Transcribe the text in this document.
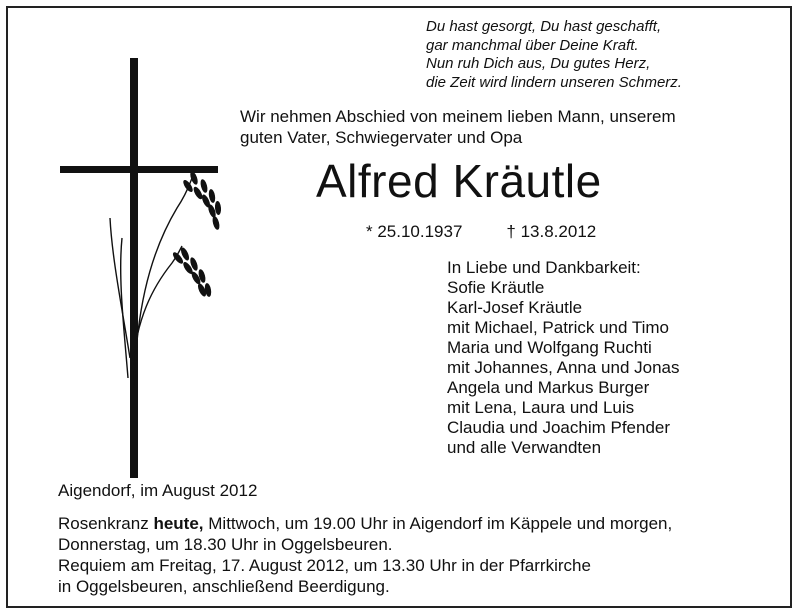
Du hast gesorgt, Du hast geschafft,
gar manchmal über Deine Kraft.
Nun ruh Dich aus, Du gutes Herz,
die Zeit wird lindern unseren Schmerz.
Wir nehmen Abschied von meinem lieben Mann, unserem
guten Vater, Schwiegervater und Opa
Alfred Kräutle
* 25.10.1937	† 13.8.2012
In Liebe und Dankbarkeit:
Sofie Kräutle
Karl-Josef Kräutle
mit Michael, Patrick und Timo
Maria und Wolfgang Ruchti
mit Johannes, Anna und Jonas
Angela und Markus Burger
mit Lena, Laura und Luis
Claudia und Joachim Pfender
und alle Verwandten
Aigendorf, im August 2012
Rosenkranz heute, Mittwoch, um 19.00 Uhr in Aigendorf im Käppele und morgen,
Donnerstag, um 18.30 Uhr in Oggelsbeuren.
Requiem am Freitag, 17. August 2012, um 13.30 Uhr in der Pfarrkirche
in Oggelsbeuren, anschließend Beerdigung.
